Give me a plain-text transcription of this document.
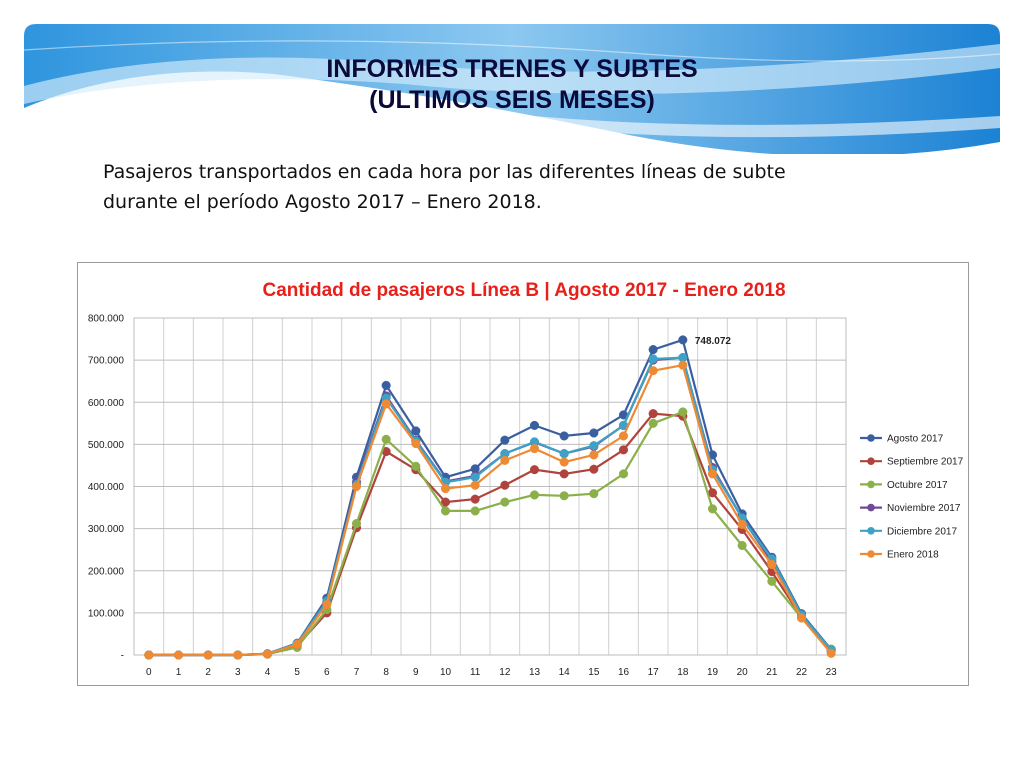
INFORMES TRENES Y SUBTES
(ULTIMOS SEIS MESES)
Pasajeros transportados en cada hora por las diferentes líneas de subte
durante el período Agosto 2017 – Enero 2018.
Cantidad de pasajeros Línea B | Agosto 2017 - Enero 2018
-
100.000
200.000
300.000
400.000
500.000
600.000
700.000
800.000
0 1 2 3 4 5 6 7 8 9 10 11 12 13 14 15 16 17 18 19 20 21 22 23
Agosto 2017
Septiembre 2017
Octubre 2017
Noviembre 2017
Diciembre 2017
Enero 2018
748.072
